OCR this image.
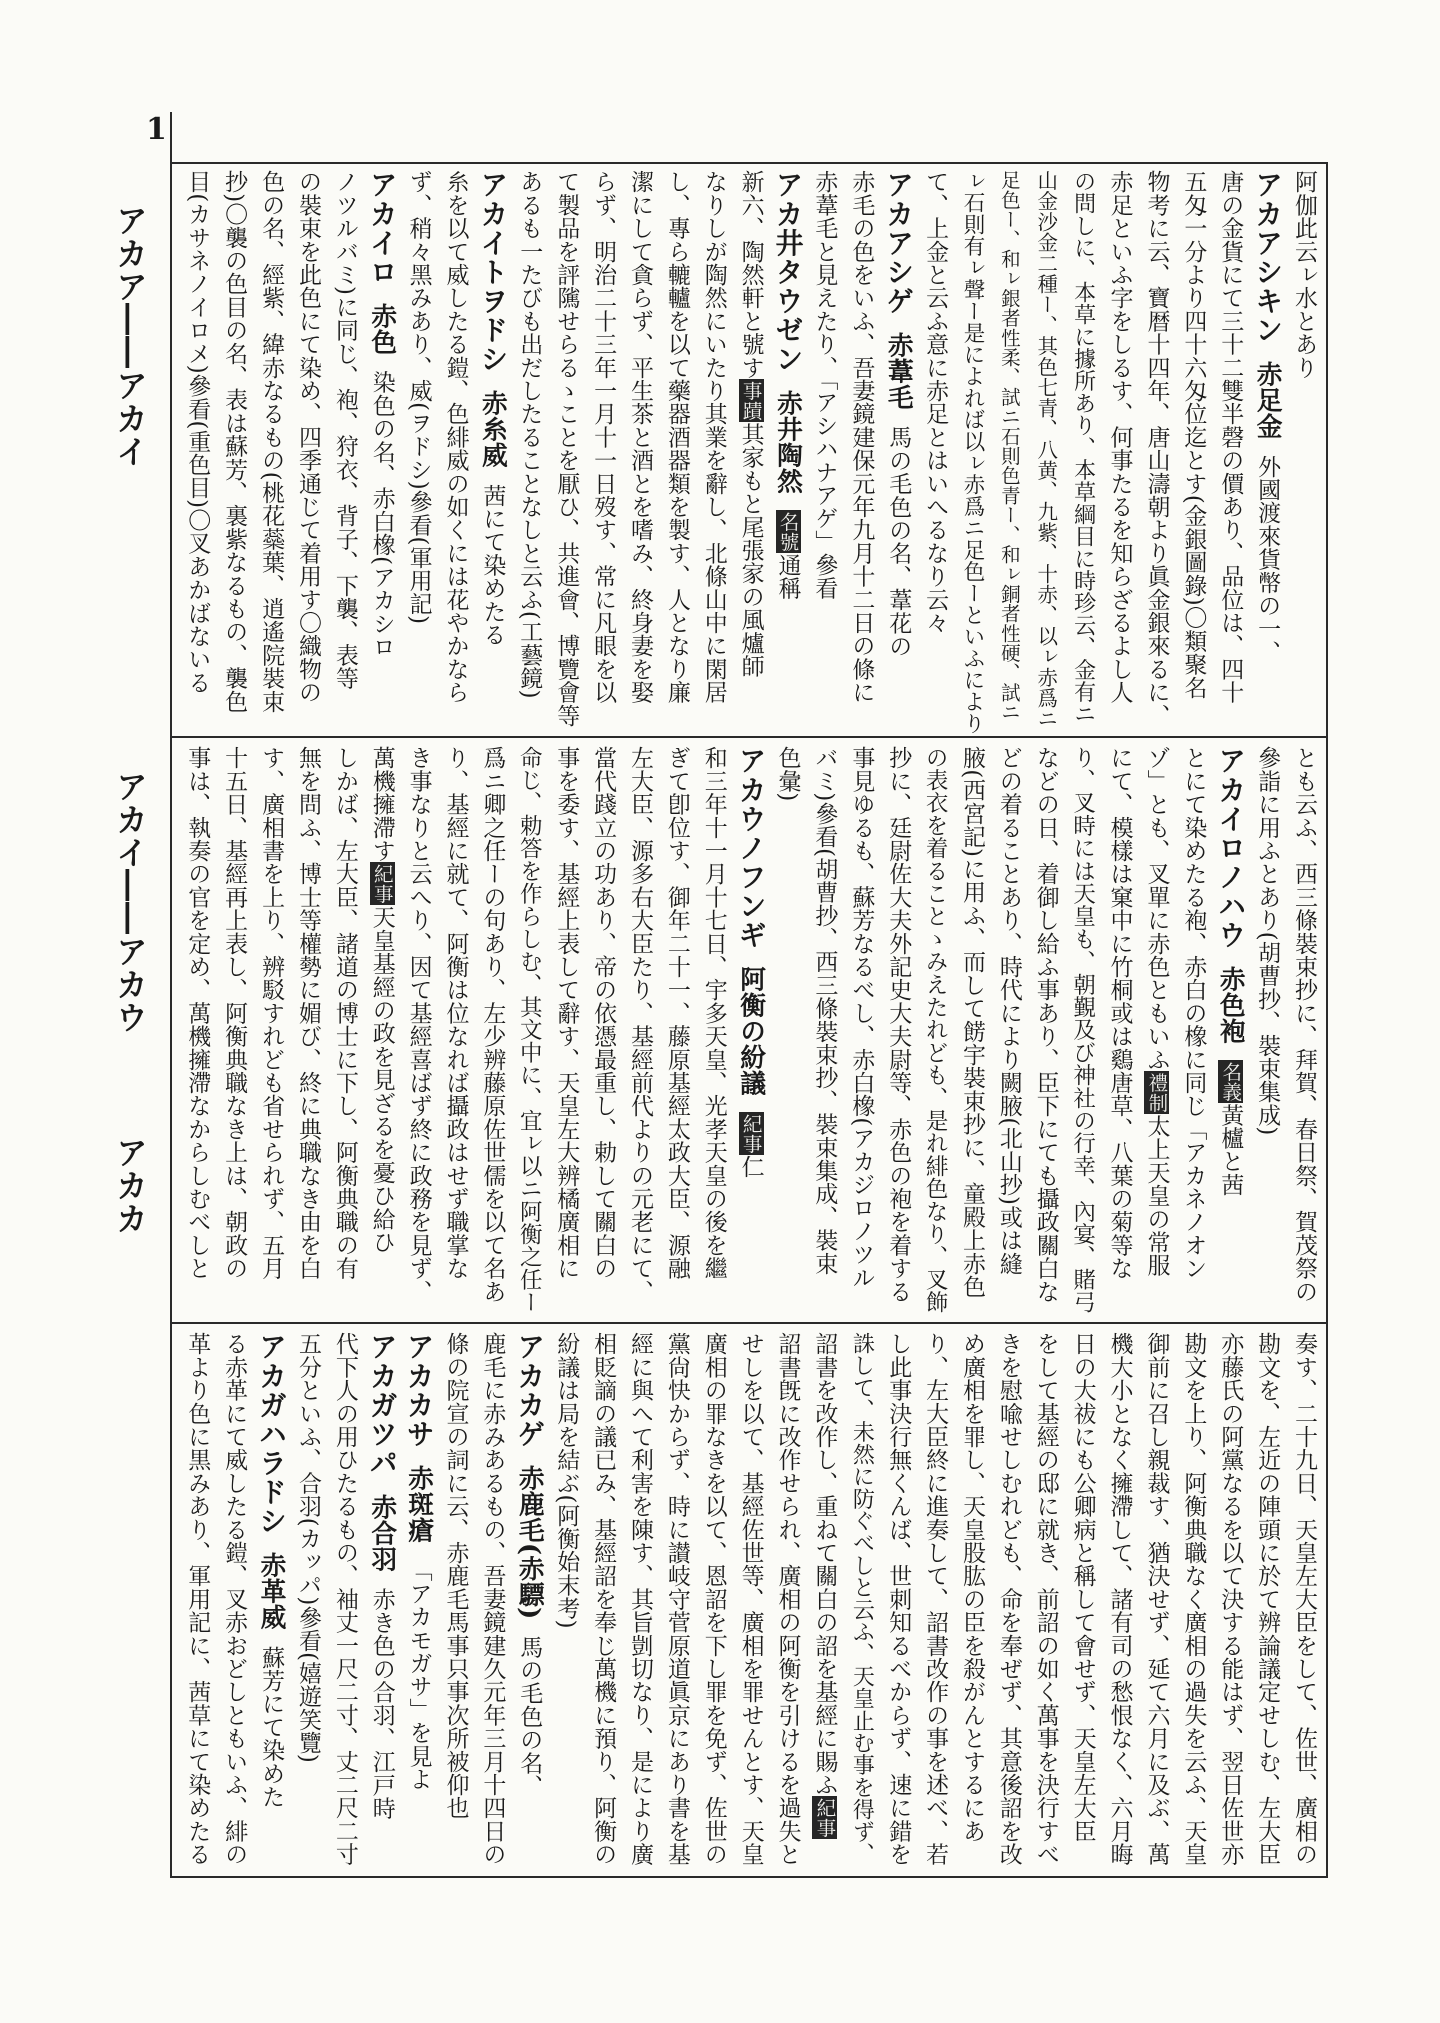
1
アカア――アカイ
アカイ――アカウ
アカカ
阿伽此云ㇾ水とあり
アカアシキン赤足金外國渡來貨幣の一、
唐の金貨にて三十二雙半磬の價あり、品位は、四十
五匁一分より四十六匁位迄とす(金銀圖錄)〇類聚名
物考に云、寶暦十四年、唐山濤朝より眞金銀來るに、
赤足といふ字をしるす、何事たるを知らざるよし人
の問しに、本草に據所あり、本草綱目に時珍云、金有ニ
山金沙金二種ー、其色七青、八黄、九紫、十赤、以ㇾ赤爲ニ
足色ー、和ㇾ銀者性柔、試ニ石則色青ー、和ㇾ銅者性硬、試ニ
ㇾ石則有ㇾ聲ー是によれば以ㇾ赤爲ニ足色ーといふにより
て、上金と云ふ意に赤足とはいへるなり云々
アカアシゲ赤葦毛馬の毛色の名、葦花の
赤毛の色をいふ、吾妻鏡建保元年九月十二日の條に
赤葦毛と見えたり、「アシハナアゲ」參看
アカ井タウゼン赤井陶然名號通稱
新六、陶然軒と號す事蹟其家もと尾張家の風爐師
なりしが陶然にいたり其業を辭し、北條山中に閑居
し、專ら轆轤を以て藥器酒器類を製す、人となり廉
潔にして貪らず、平生茶と酒とを嗜み、終身妻を娶
らず、明治二十三年一月十一日歿す、常に凡眼を以
て製品を評隲せらるゝことを厭ひ、共進會、博覽會等
あるも一たびも出だしたることなしと云ふ(工藝鏡)
アカイトヲドシ赤糸威茜にて染めたる
糸を以て威したる鎧、色緋威の如くには花やかなら
ず、稍々黑みあり、威(ヲドシ)參看(軍用記)
アカイロ赤色染色の名、赤白橡(アカシロ
ノツルバミ)に同じ、袍、狩衣、背子、下襲、表等
の裝束を此色にて染め、四季通じて着用す〇織物の
色の名、經紫、緯赤なるもの(桃花蘂葉、逍遙院裝束
抄)〇襲の色目の名、表は蘇芳、裏紫なるもの、襲色
目(カサネノイロメ)參看(重色目)〇叉あかばないる
とも云ふ、西三條裝束抄に、拜賀、春日祭、賀茂祭の
參詣に用ふとあり(胡曹抄、裝束集成)
アカイロノハウ赤色袍名義黃櫨と茜
とにて染めたる袍、赤白の橡に同じ「アカネノオン
ゾ」とも、叉單に赤色ともいふ禮制太上天皇の常服
にて、模樣は窠中に竹桐或は鷄唐草、八葉の菊等な
り、叉時には天皇も、朝覲及び神社の行幸、內宴、賭弓
などの日、着御し給ふ事あり、臣下にても攝政關白な
どの着ることあり、時代により闕腋(北山抄)或は縫
腋(西宮記)に用ふ、而して餝宇裝束抄に、童殿上赤色
の表衣を着ることゝみえたれども、是れ緋色なり、叉飾
抄に、廷尉佐大夫外記史大夫尉等、赤色の袍を着する
事見ゆるも、蘇芳なるべし、赤白橡(アカジロノツル
バミ)參看(胡曹抄、西三條裝束抄、裝束集成、裝束
色彙)
アカウノフンギ阿衡の紛議紀事仁
和三年十一月十七日、宇多天皇、光孝天皇の後を繼
ぎて卽位す、御年二十一、藤原基經太政大臣、源融
左大臣、源多右大臣たり、基經前代よりの元老にて、
當代踐立の功あり、帝の依憑最重し、勅して關白の
事を委す、基經上表して辭す、天皇左大辨橘廣相に
命じ、勅答を作らしむ、其文中に、宜ㇾ以ニ阿衡之任ー
爲ニ卿之任ーの句あり、左少辨藤原佐世儒を以て名あ
り、基經に就て、阿衡は位なれば攝政はせず職掌な
き事なりと云へり、因て基經喜ばず終に政務を見ず、
萬機擁滯す紀事天皇基經の政を見ざるを憂ひ給ひ
しかば、左大臣、諸道の博士に下し、阿衡典職の有
無を問ふ、博士等權勢に媚び、終に典職なき由を白
す、廣相書を上り、辨駁すれども省せられず、五月
十五日、基經再上表し、阿衡典職なき上は、朝政の
事は、執奏の官を定め、萬機擁滯なからしむべしと
奏す、二十九日、天皇左大臣をして、佐世、廣相の
勘文を、左近の陣頭に於て辨論議定せしむ、左大臣
亦藤氏の阿黨なるを以て決する能はず、翌日佐世亦
勘文を上り、阿衡典職なく廣相の過失を云ふ、天皇
御前に召し親裁す、猶決せず、延て六月に及ぶ、萬
機大小となく擁滯して、諸有司の愁恨なく、六月晦
日の大祓にも公卿病と稱して會せず、天皇左大臣
をして基經の邸に就き、前詔の如く萬事を決行すべ
きを慰喩せしむれども、命を奉ぜず、其意後詔を改
め廣相を罪し、天皇股肱の臣を殺がんとするにあ
り、左大臣終に進奏して、詔書改作の事を述べ、若
し此事決行無くんば、世刺知るべからず、速に錯を
誅して、未然に防ぐべしと云ふ、天皇止む事を得ず、
詔書を改作し、重ねて關白の詔を基經に賜ふ紀事
詔書旣に改作せられ、廣相の阿衡を引けるを過失と
せしを以て、基經佐世等、廣相を罪せんとす、天皇
廣相の罪なきを以て、恩詔を下し罪を免ず、佐世の
黨尙快からず、時に讃岐守菅原道眞京にあり書を基
經に與へて利害を陳す、其旨剴切なり、是により廣
相貶謫の議已み、基經詔を奉じ萬機に預り、阿衡の
紛議は局を結ぶ(阿衡始末考)
アカカゲ赤鹿毛(赤驃)馬の毛色の名、
鹿毛に赤みあるもの、吾妻鏡建久元年三月十四日の
條の院宣の詞に云、赤鹿毛馬事只事次所被仰也
アカカサ赤斑瘡「アカモガサ」を見よ
アカガツパ赤合羽赤き色の合羽、江戸時
代下人の用ひたるもの、袖丈一尺二寸、丈二尺二寸
五分といふ、合羽(カッパ)參看(嬉遊笑覽)
アカガハラドシ赤革威蘇芳にて染めた
る赤革にて威したる鎧、叉赤おどしともいふ、緋の
革より色に黒みあり、軍用記に、茜草にて染めたる
